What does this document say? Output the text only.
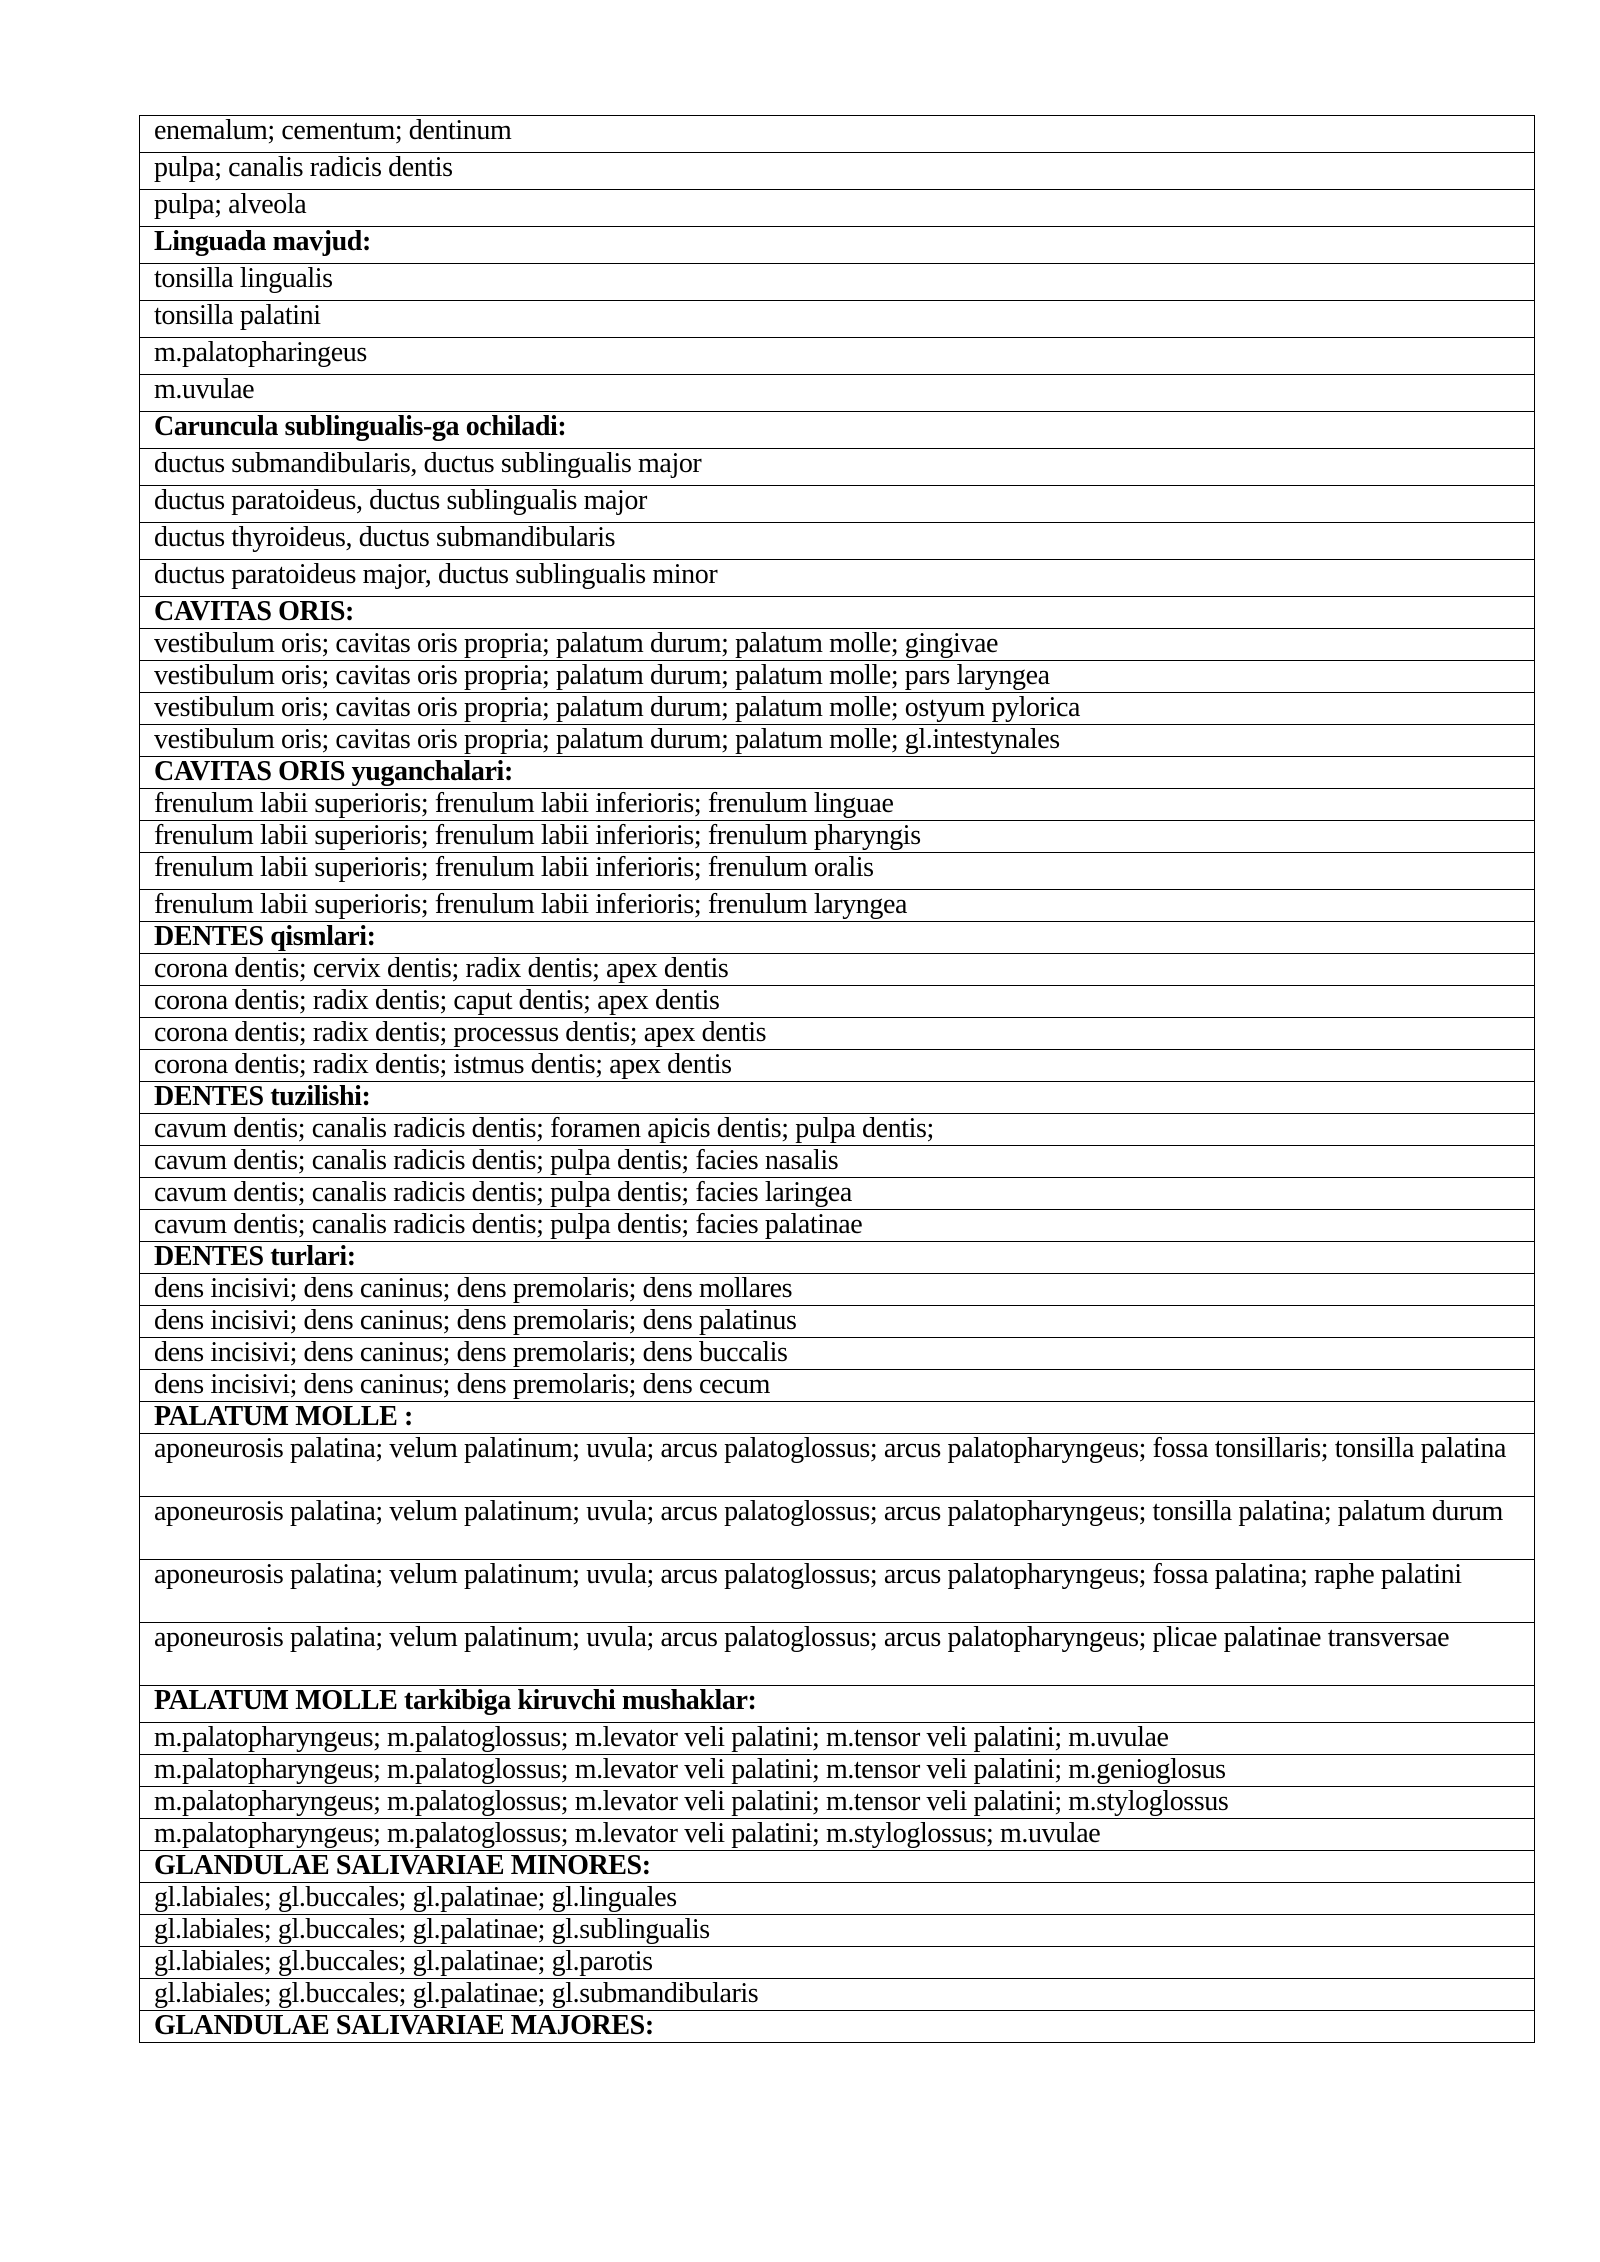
enemalum; cementum; dentinum
pulpa; canalis radicis dentis
pulpa; alveola
Linguada mavjud:
tonsilla lingualis
tonsilla palatini
m.palatopharingeus
m.uvulae
Caruncula sublingualis-ga ochiladi:
ductus submandibularis, ductus sublingualis major
ductus paratoideus, ductus sublingualis major
ductus thyroideus, ductus submandibularis
ductus paratoideus major, ductus sublingualis minor
CAVITAS ORIS:
vestibulum oris; cavitas oris propria; palatum durum; palatum molle; gingivae
vestibulum oris; cavitas oris propria; palatum durum; palatum molle; pars laryngea
vestibulum oris; cavitas oris propria; palatum durum; palatum molle; ostyum pylorica
vestibulum oris; cavitas oris propria; palatum durum; palatum molle; gl.intestynales
CAVITAS ORIS yuganchalari:
frenulum labii superioris; frenulum labii inferioris; frenulum linguae
frenulum labii superioris; frenulum labii inferioris; frenulum pharyngis
frenulum labii superioris; frenulum labii inferioris; frenulum oralis
frenulum labii superioris; frenulum labii inferioris; frenulum laryngea
DENTES qismlari:
corona dentis; cervix dentis; radix dentis; apex dentis
corona dentis; radix dentis; caput dentis; apex dentis
corona dentis; radix dentis; processus dentis; apex dentis
corona dentis; radix dentis; istmus dentis; apex dentis
DENTES tuzilishi:
cavum dentis; canalis radicis dentis; foramen apicis dentis; pulpa dentis;
cavum dentis; canalis radicis dentis; pulpa dentis; facies nasalis
cavum dentis; canalis radicis dentis; pulpa dentis; facies laringea
cavum dentis; canalis radicis dentis; pulpa dentis; facies palatinae
DENTES turlari:
dens incisivi; dens caninus; dens premolaris; dens mollares
dens incisivi; dens caninus; dens premolaris; dens palatinus
dens incisivi; dens caninus; dens premolaris; dens buccalis
dens incisivi; dens caninus; dens premolaris; dens cecum
PALATUM MOLLE :
aponeurosis palatina; velum palatinum; uvula; arcus palatoglossus; arcus palatopharyngeus; fossa tonsillaris; tonsilla palatina
aponeurosis palatina; velum palatinum; uvula; arcus palatoglossus; arcus palatopharyngeus; tonsilla palatina; palatum durum
aponeurosis palatina; velum palatinum; uvula; arcus palatoglossus; arcus palatopharyngeus; fossa palatina; raphe palatini
aponeurosis palatina; velum palatinum; uvula; arcus palatoglossus; arcus palatopharyngeus; plicae palatinae transversae
PALATUM MOLLE tarkibiga kiruvchi mushaklar:
m.palatopharyngeus; m.palatoglossus; m.levator veli palatini; m.tensor veli palatini; m.uvulae
m.palatopharyngeus; m.palatoglossus; m.levator veli palatini; m.tensor veli palatini; m.genioglosus
m.palatopharyngeus; m.palatoglossus; m.levator veli palatini; m.tensor veli palatini; m.styloglossus
m.palatopharyngeus; m.palatoglossus; m.levator veli palatini; m.styloglossus; m.uvulae
GLANDULAE SALIVARIAE MINORES:
gl.labiales; gl.buccales; gl.palatinae; gl.linguales
gl.labiales; gl.buccales; gl.palatinae; gl.sublingualis
gl.labiales; gl.buccales; gl.palatinae; gl.parotis
gl.labiales; gl.buccales; gl.palatinae; gl.submandibularis
GLANDULAE SALIVARIAE MAJORES:
